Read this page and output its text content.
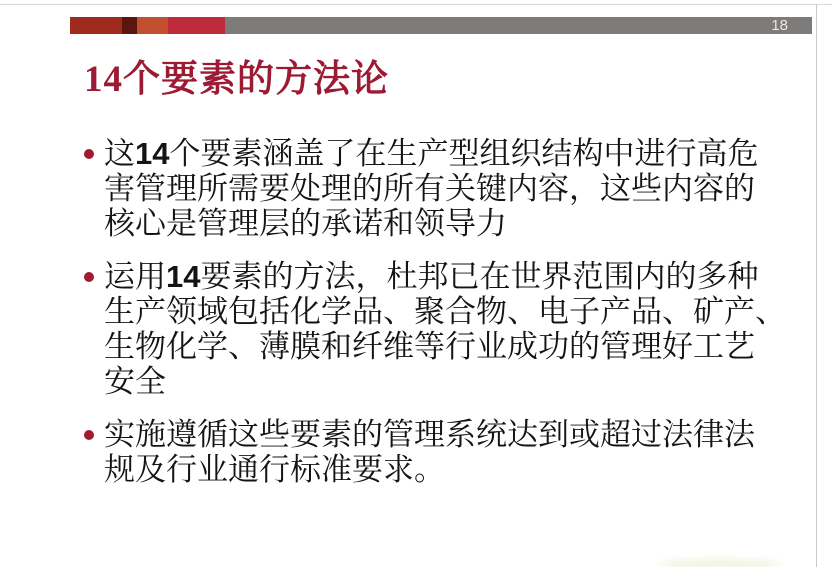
18
14个要素的方法论
这14个要素涵盖了在生产型组织结构中进行高危
害管理所需要处理的所有关键内容，这些内容的
核心是管理层的承诺和领导力
运用14要素的方法，杜邦已在世界范围内的多种
生产领域包括化学品、聚合物、电子产品、矿产、
生物化学、薄膜和纤维等行业成功的管理好工艺
安全
实施遵循这些要素的管理系统达到或超过法律法
规及行业通行标准要求。
